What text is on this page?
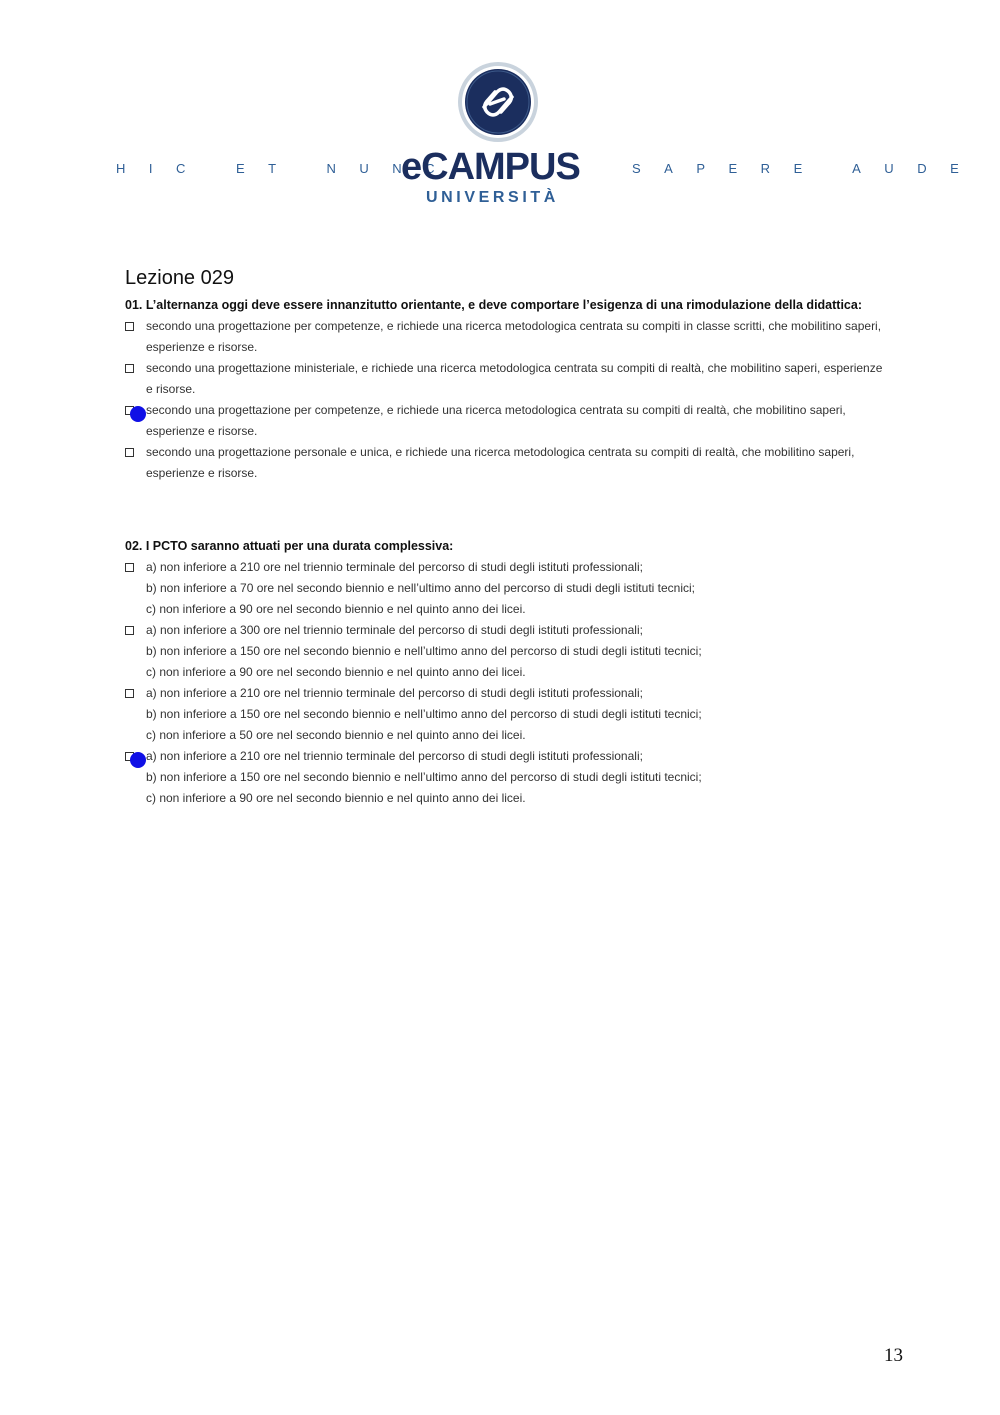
HIC ET NUNC
eCAMPUS
UNIVERSITÀ
SAPERE AUDE
Lezione 029
01. L’alternanza oggi deve essere innanzitutto orientante, e deve comportare l’esigenza di una rimodulazione della didattica:
secondo una progettazione per competenze, e richiede una ricerca metodologica centrata su compiti in classe scritti, che mobilitino saperi, esperienze e risorse.
secondo una progettazione ministeriale, e richiede una ricerca metodologica centrata su compiti di realtà, che mobilitino saperi, esperienze e risorse.
secondo una progettazione per competenze, e richiede una ricerca metodologica centrata su compiti di realtà, che mobilitino saperi, esperienze e risorse.
secondo una progettazione personale e unica, e richiede una ricerca metodologica centrata su compiti di realtà, che mobilitino saperi, esperienze e risorse.
02. I PCTO saranno attuati per una durata complessiva:
a) non inferiore a 210 ore nel triennio terminale del percorso di studi degli istituti professionali;
b) non inferiore a 70 ore nel secondo biennio e nell’ultimo anno del percorso di studi degli istituti tecnici;
c) non inferiore a 90 ore nel secondo biennio e nel quinto anno dei licei.
a) non inferiore a 300 ore nel triennio terminale del percorso di studi degli istituti professionali;
b) non inferiore a 150 ore nel secondo biennio e nell’ultimo anno del percorso di studi degli istituti tecnici;
c) non inferiore a 90 ore nel secondo biennio e nel quinto anno dei licei.
a) non inferiore a 210 ore nel triennio terminale del percorso di studi degli istituti professionali;
b) non inferiore a 150 ore nel secondo biennio e nell’ultimo anno del percorso di studi degli istituti tecnici;
c) non inferiore a 50 ore nel secondo biennio e nel quinto anno dei licei.
a) non inferiore a 210 ore nel triennio terminale del percorso di studi degli istituti professionali;
b) non inferiore a 150 ore nel secondo biennio e nell’ultimo anno del percorso di studi degli istituti tecnici;
c) non inferiore a 90 ore nel secondo biennio e nel quinto anno dei licei.
13
